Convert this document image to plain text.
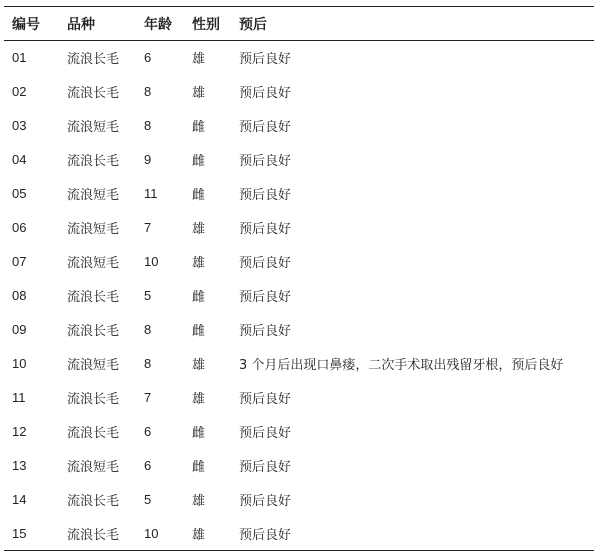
编号	品种	年龄	性别	预后
01	流浪长毛	6	雄	预后良好
02	流浪长毛	8	雄	预后良好
03	流浪短毛	8	雌	预后良好
04	流浪长毛	9	雌	预后良好
05	流浪短毛	11	雌	预后良好
06	流浪短毛	7	雄	预后良好
07	流浪短毛	10	雄	预后良好
08	流浪长毛	5	雌	预后良好
09	流浪长毛	8	雌	预后良好
10	流浪短毛	8	雄	3 个月后出现口鼻瘘，二次手术取出残留牙根，预后良好
11	流浪长毛	7	雄	预后良好
12	流浪长毛	6	雌	预后良好
13	流浪短毛	6	雌	预后良好
14	流浪长毛	5	雄	预后良好
15	流浪长毛	10	雄	预后良好
